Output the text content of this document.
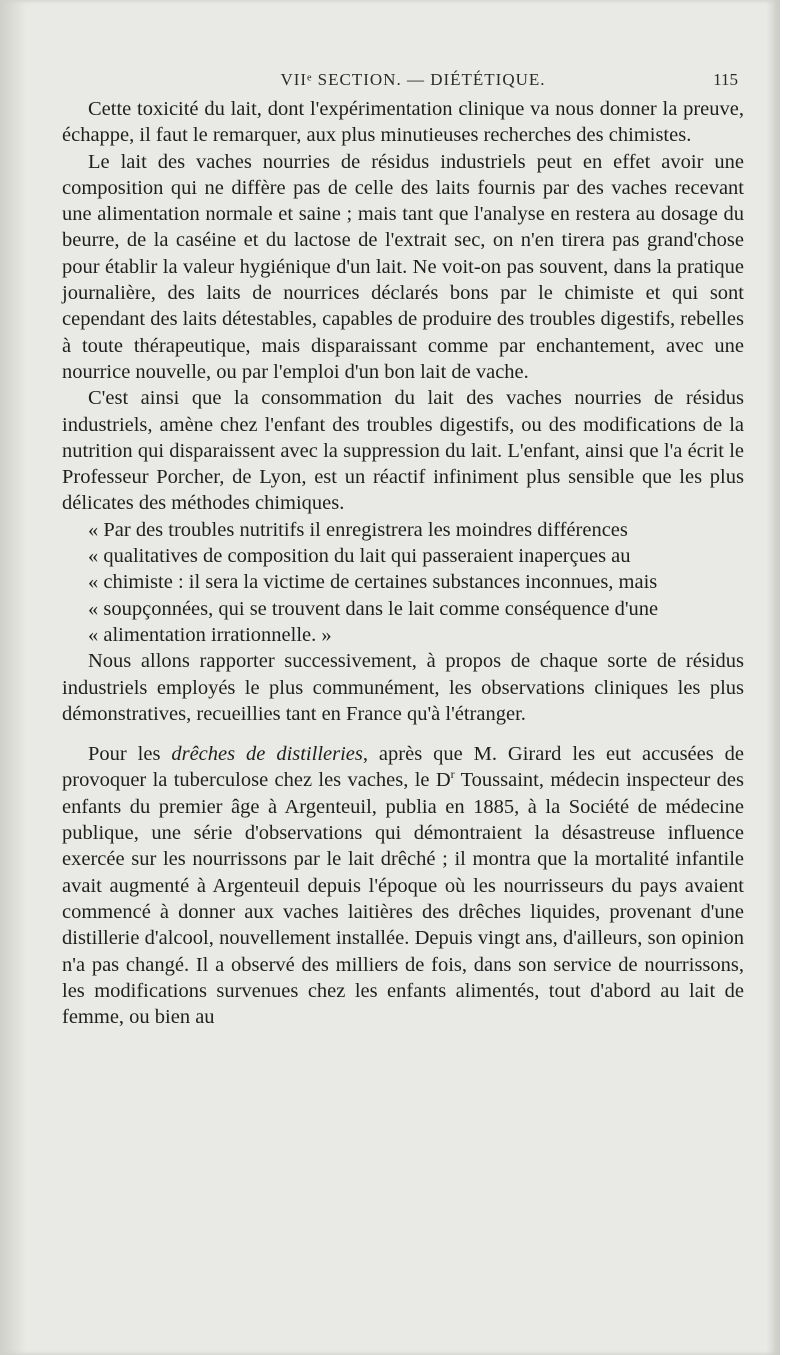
VIIᵉ SECTION. — DIÉTÉTIQUE.	115

Cette toxicité du lait, dont l'expérimentation clinique va nous donner la preuve, échappe, il faut le remarquer, aux plus minutieuses recherches des chimistes.

Le lait des vaches nourries de résidus industriels peut en effet avoir une composition qui ne diffère pas de celle des laits fournis par des vaches recevant une alimentation normale et saine ; mais tant que l'analyse en restera au dosage du beurre, de la caséine et du lactose de l'extrait sec, on n'en tirera pas grand'chose pour établir la valeur hygiénique d'un lait. Ne voit-on pas souvent, dans la pratique journalière, des laits de nourrices déclarés bons par le chimiste et qui sont cependant des laits détestables, capables de produire des troubles digestifs, rebelles à toute thérapeutique, mais disparaissant comme par enchantement, avec une nourrice nouvelle, ou par l'emploi d'un bon lait de vache.

C'est ainsi que la consommation du lait des vaches nourries de résidus industriels, amène chez l'enfant des troubles digestifs, ou des modifications de la nutrition qui disparaissent avec la suppression du lait. L'enfant, ainsi que l'a écrit le Professeur Porcher, de Lyon, est un réactif infiniment plus sensible que les plus délicates des méthodes chimiques.

« Par des troubles nutritifs il enregistrera les moindres différences

« qualitatives de composition du lait qui passeraient inaperçues au

« chimiste : il sera la victime de certaines substances inconnues, mais

« soupçonnées, qui se trouvent dans le lait comme conséquence d'une

« alimentation irrationnelle. »

Nous allons rapporter successivement, à propos de chaque sorte de résidus industriels employés le plus communément, les observations cliniques les plus démonstratives, recueillies tant en France qu'à l'étranger.

Pour les drêches de distilleries, après que M. Girard les eut accusées de provoquer la tuberculose chez les vaches, le $D^r$ Toussaint, médecin inspecteur des enfants du premier âge à Argenteuil, publia en 1885, à la Société de médecine publique, une série d'observations qui démontraient la désastreuse influence exercée sur les nourrissons par le lait drêché ; il montra que la mortalité infantile avait augmenté à Argenteuil depuis l'époque où les nourrisseurs du pays avaient commencé à donner aux vaches laitières des drêches liquides, provenant d'une distillerie d'alcool, nouvellement installée. Depuis vingt ans, d'ailleurs, son opinion n'a pas changé. Il a observé des milliers de fois, dans son service de nourrissons, les modifications survenues chez les enfants alimentés, tout d'abord au lait de femme, ou bien au
